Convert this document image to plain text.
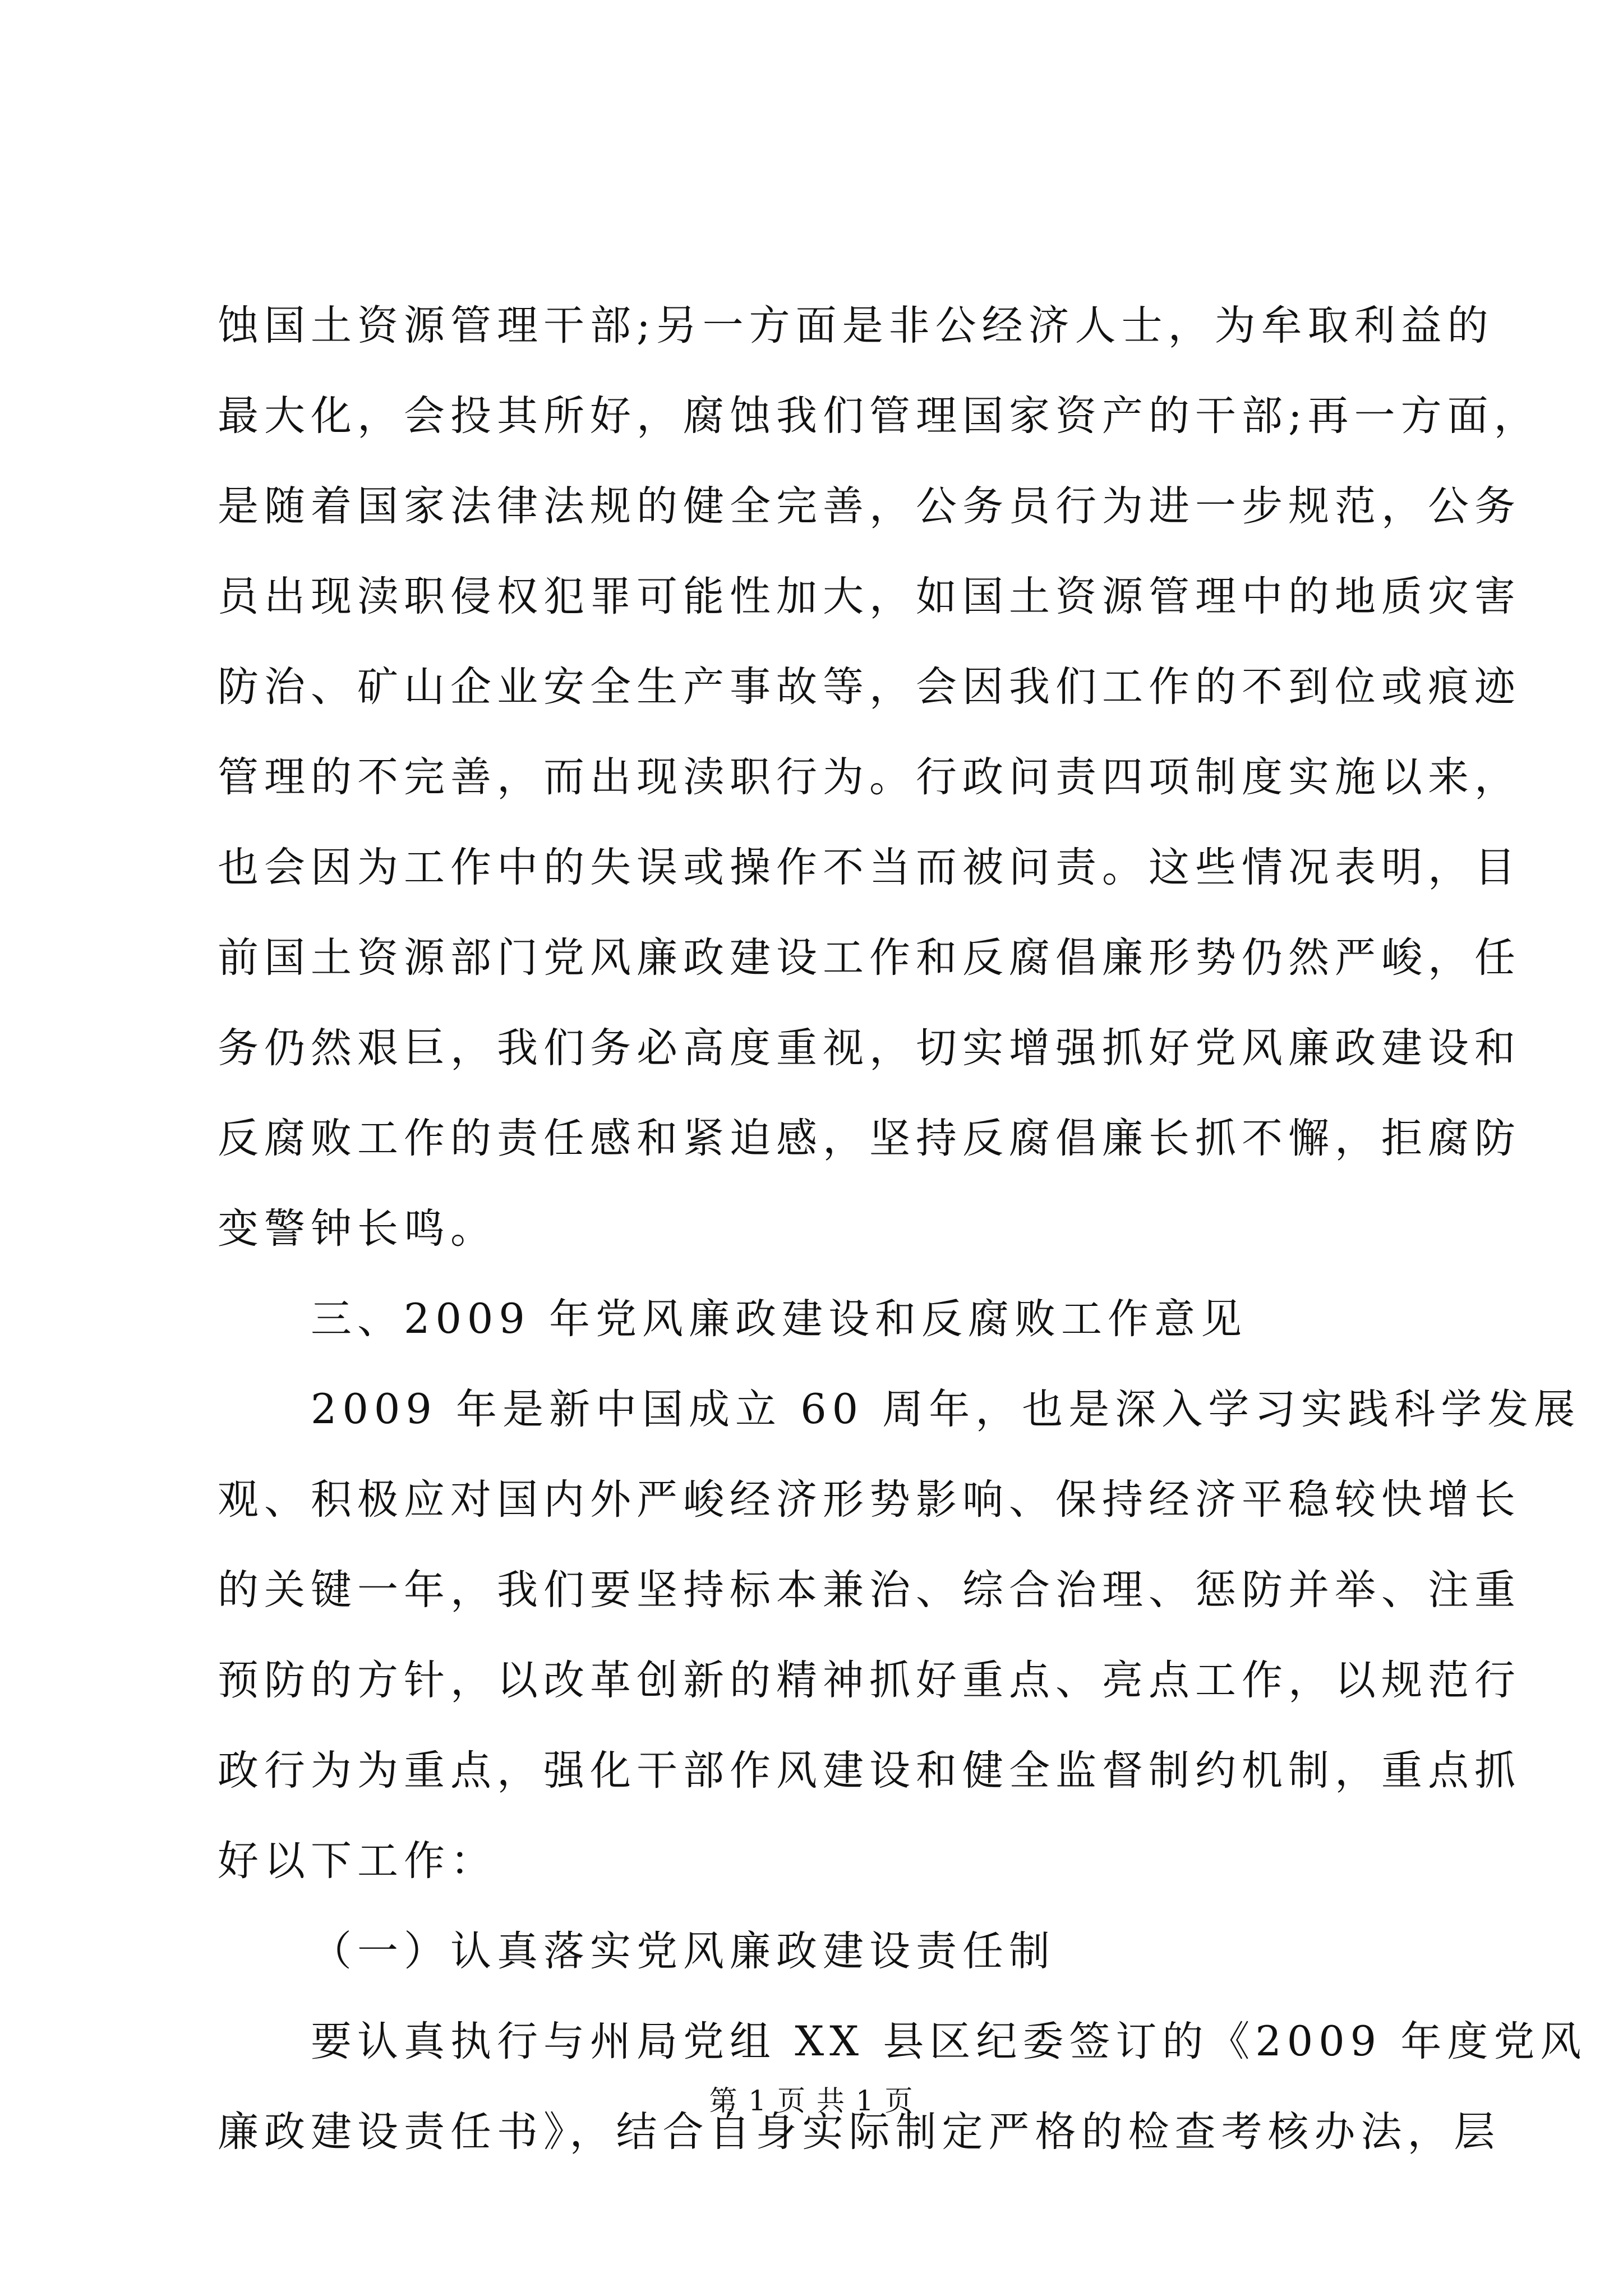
蚀国土资源管理干部;另一方面是非公经济人士，为牟取利益的
最大化，会投其所好，腐蚀我们管理国家资产的干部;再一方面，
是随着国家法律法规的健全完善，公务员行为进一步规范，公务
员出现渎职侵权犯罪可能性加大，如国土资源管理中的地质灾害
防治、矿山企业安全生产事故等，会因我们工作的不到位或痕迹
管理的不完善，而出现渎职行为。行政问责四项制度实施以来，
也会因为工作中的失误或操作不当而被问责。这些情况表明，目
前国土资源部门党风廉政建设工作和反腐倡廉形势仍然严峻，任
务仍然艰巨，我们务必高度重视，切实增强抓好党风廉政建设和
反腐败工作的责任感和紧迫感，坚持反腐倡廉长抓不懈，拒腐防
变警钟长鸣。
三、2009 年党风廉政建设和反腐败工作意见
2009 年是新中国成立 60 周年，也是深入学习实践科学发展
观、积极应对国内外严峻经济形势影响、保持经济平稳较快增长
的关键一年，我们要坚持标本兼治、综合治理、惩防并举、注重
预防的方针，以改革创新的精神抓好重点、亮点工作，以规范行
政行为为重点，强化干部作风建设和健全监督制约机制，重点抓
好以下工作：
（一）认真落实党风廉政建设责任制
要认真执行与州局党组 XX 县区纪委签订的《2009 年度党风
廉政建设责任书》，结合自身实际制定严格的检查考核办法，层
第 1 页 共 1 页
